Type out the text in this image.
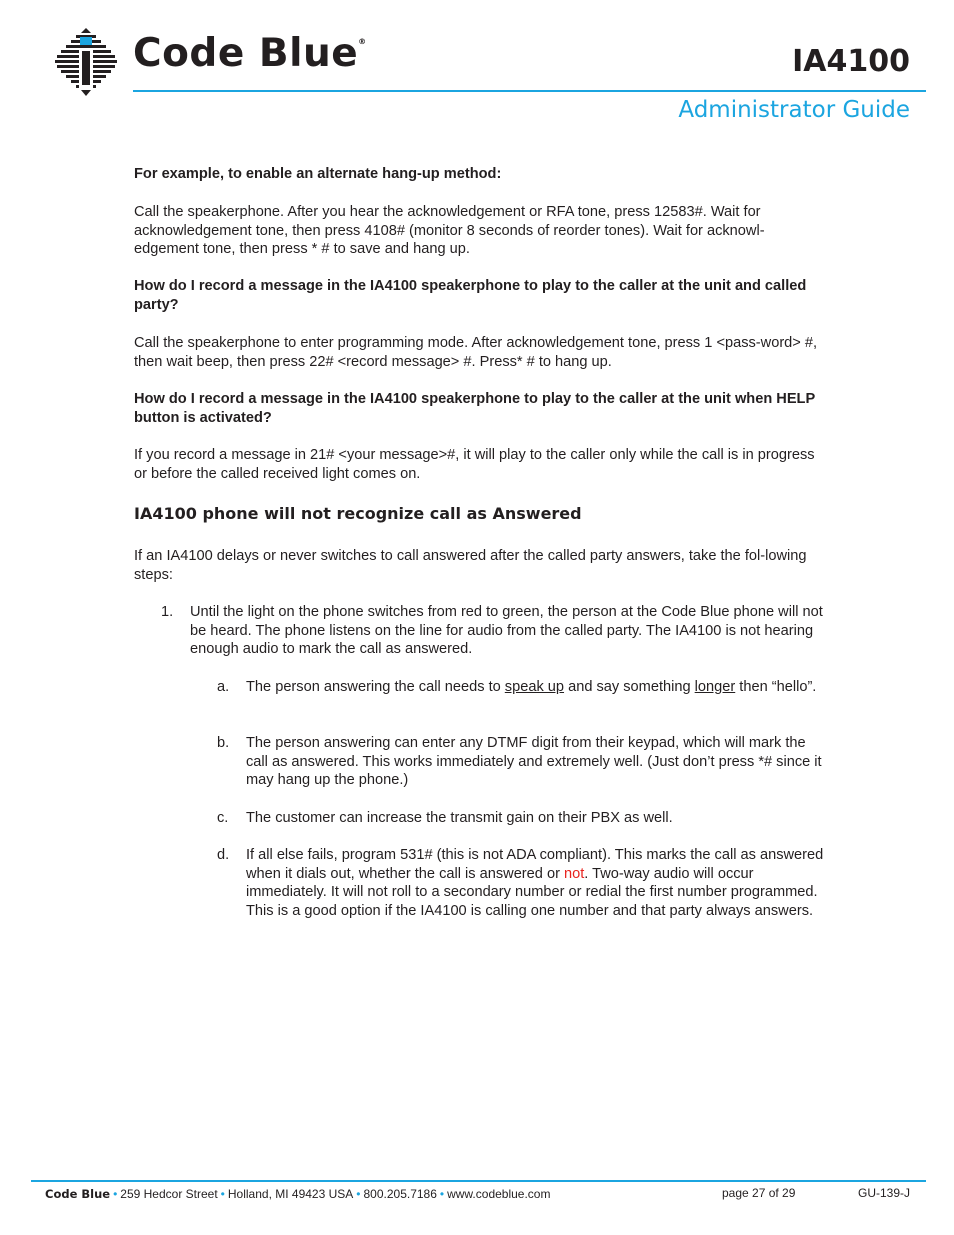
Code Blue®
IA4100
Administrator Guide
For example, to enable an alternate hang-up method:
Call the speakerphone. After you hear the acknowledgement or RFA tone, press 12583#. Wait for acknowledgement tone, then press 4108# (monitor 8 seconds of reorder tones). Wait for acknowl-edgement tone, then press * # to save and hang up.
How do I record a message in the IA4100 speakerphone to play to the caller at the unit and called party?
Call the speakerphone to enter programming mode. After acknowledgement tone, press 1 <pass-word> #, then wait beep, then press 22# <record message> #. Press* # to hang up.
How do I record a message in the IA4100 speakerphone to play to the caller at the unit when HELP button is activated?
If you record a message in 21# <your message>#, it will play to the caller only while the call is in progress or before the called received light comes on.
IA4100 phone will not recognize call as Answered
If an IA4100 delays or never switches to call answered after the called party answers, take the fol-lowing steps:
1. Until the light on the phone switches from red to green, the person at the Code Blue phone will not be heard. The phone listens on the line for audio from the called party. The IA4100 is not hearing enough audio to mark the call as answered.
a. The person answering the call needs to speak up and say something longer then “hello”.
b. The person answering can enter any DTMF digit from their keypad, which will mark the call as answered. This works immediately and extremely well. (Just don’t press *# since it may hang up the phone.)
c. The customer can increase the transmit gain on their PBX as well.
d. If all else fails, program 531# (this is not ADA compliant). This marks the call as answered when it dials out, whether the call is answered or not. Two-way audio will occur immediately. It will not roll to a secondary number or redial the first number programmed. This is a good option if the IA4100 is calling one number and that party always answers.
Code Blue • 259 Hedcor Street • Holland, MI 49423 USA • 800.205.7186 • www.codeblue.com	page 27 of 29	GU-139-J
